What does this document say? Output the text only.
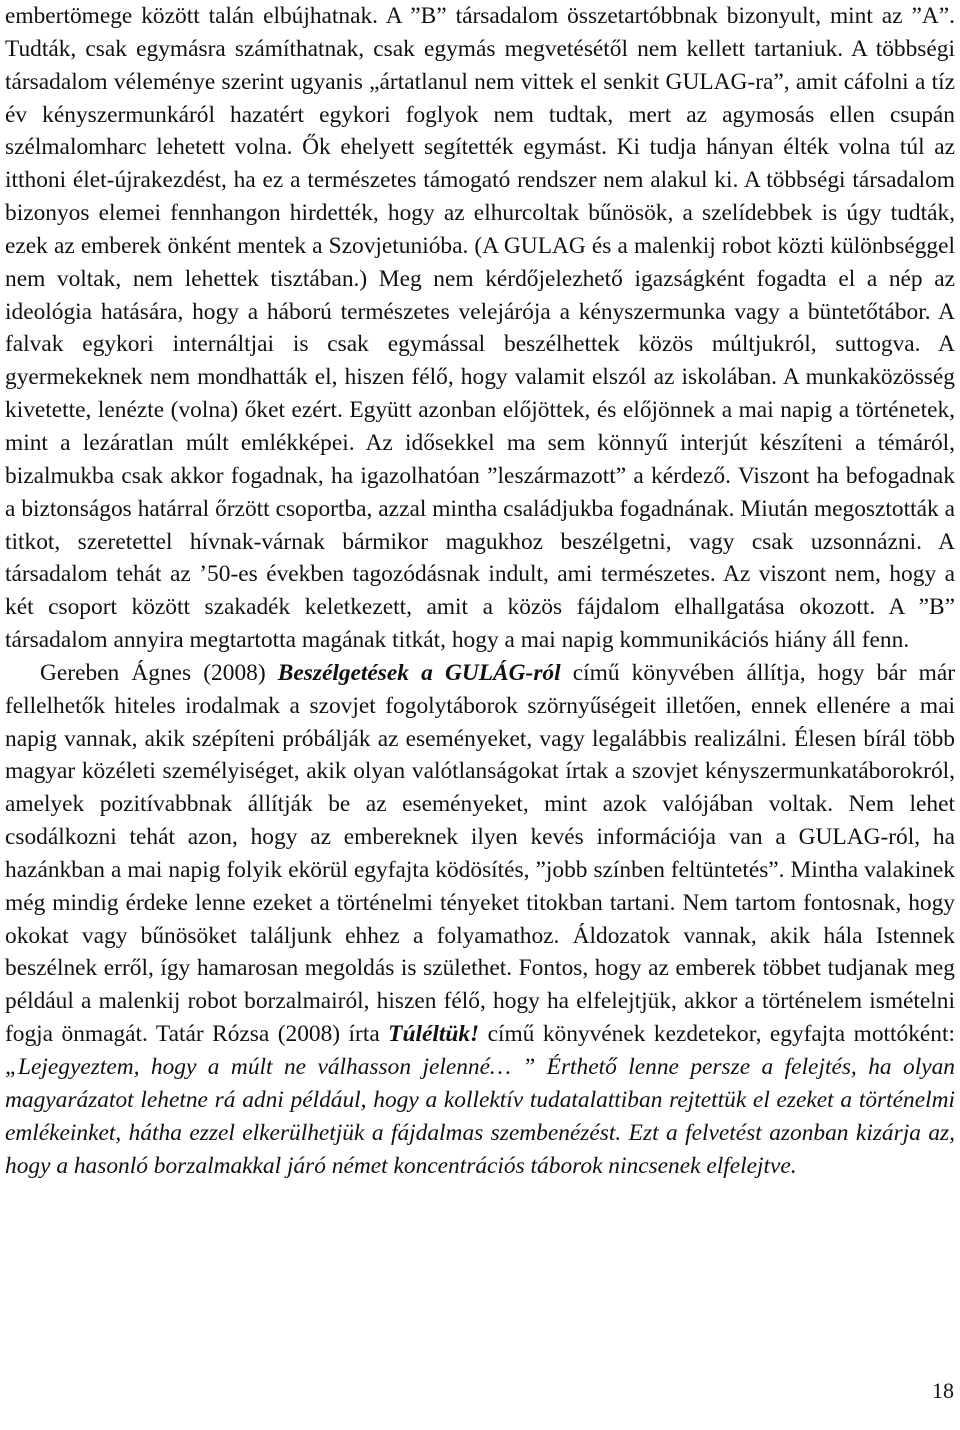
embertömege között talán elbújhatnak. A ”B” társadalom összetartóbbnak bizonyult, mint az ”A”. Tudták, csak egymásra számíthatnak, csak egymás megvetésétől nem kellett tartaniuk. A többségi társadalom véleménye szerint ugyanis „ártatlanul nem vittek el senkit GULAG-ra”, amit cáfolni a tíz év kényszermunkáról hazatért egykori foglyok nem tudtak, mert az agymosás ellen csupán szélmalomharc lehetett volna. Ők ehelyett segítették egymást. Ki tudja hányan élték volna túl az itthoni élet-újrakezdést, ha ez a természetes támogató rendszer nem alakul ki. A többségi társadalom bizonyos elemei fennhangon hirdették, hogy az elhurcoltak bűnösök, a szelídebbek is úgy tudták, ezek az emberek önként mentek a Szovjetunióba. (A GULAG és a malenkij robot közti különbséggel nem voltak, nem lehettek tisztában.) Meg nem kérdőjelezhető igazságként fogadta el a nép az ideológia hatására, hogy a háború természetes velejárója a kényszermunka vagy a büntetőtábor. A falvak egykori internáltjai is csak egymással beszélhettek közös múltjukról, suttogva. A gyermekeknek nem mondhatták el, hiszen félő, hogy valamit elszól az iskolában. A munkaközösség kivetette, lenézte (volna) őket ezért. Együtt azonban előjöttek, és előjönnek a mai napig a történetek, mint a lezáratlan múlt emlékképei. Az idősekkel ma sem könnyű interjút készíteni a témáról, bizalmukba csak akkor fogadnak, ha igazolhatóan ”leszármazott” a kérdező. Viszont ha befogadnak a biztonságos határral őrzött csoportba, azzal mintha családjukba fogadnának. Miután megosztották a titkot, szeretettel hívnak-várnak bármikor magukhoz beszélgetni, vagy csak uzsonnázni. A társadalom tehát az ’50-es években tagozódásnak indult, ami természetes. Az viszont nem, hogy a két csoport között szakadék keletkezett, amit a közös fájdalom elhallgatása okozott. A ”B” társadalom annyira megtartotta magának titkát, hogy a mai napig kommunikációs hiány áll fenn.

Gereben Ágnes (2008) Beszélgetések a GULÁG-ról című könyvében állítja, hogy bár már fellelhetők hiteles irodalmak a szovjet fogolytáborok szörnyűségeit illetően, ennek ellenére a mai napig vannak, akik szépíteni próbálják az eseményeket, vagy legalábbis realizálni. Élesen bírál több magyar közéleti személyiséget, akik olyan valótlanságokat írtak a szovjet kényszermunkatáborokról, amelyek pozitívabbnak állítják be az eseményeket, mint azok valójában voltak. Nem lehet csodálkozni tehát azon, hogy az embereknek ilyen kevés információja van a GULAG-ról, ha hazánkban a mai napig folyik ekörül egyfajta ködösítés, ”jobb színben feltüntetés”. Mintha valakinek még mindig érdeke lenne ezeket a történelmi tényeket titokban tartani. Nem tartom fontosnak, hogy okokat vagy bűnösöket találjunk ehhez a folyamathoz. Áldozatok vannak, akik hála Istennek beszélnek erről, így hamarosan megoldás is születhet. Fontos, hogy az emberek többet tudjanak meg például a malenkij robot borzalmairól, hiszen félő, hogy ha elfelejtjük, akkor a történelem ismételni fogja önmagát. Tatár Rózsa (2008) írta Túléltük! című könyvének kezdetekor, egyfajta mottóként: „Lejegyeztem, hogy a múlt ne válhasson jelenné… ” Érthető lenne persze a felejtés, ha olyan magyarázatot lehetne rá adni például, hogy a kollektív tudatalattiban rejtettük el ezeket a történelmi emlékeinket, hátha ezzel elkerülhetjük a fájdalmas szembenézést. Ezt a felvetést azonban kizárja az, hogy a hasonló borzalmakkal járó német koncentrációs táborok nincsenek elfelejtve.

18
